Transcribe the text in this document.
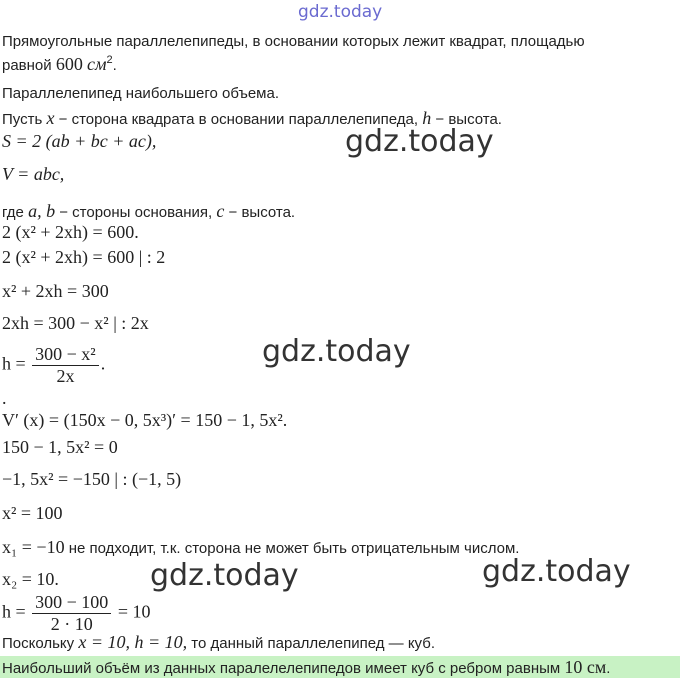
gdz.today
gdz.today
gdz.today
gdz.today	gdz.today
Прямоугольные параллелепипеды, в основании которых лежит квадрат, площадью
равной 600 $см^2$.
Параллелепипед наибольшего объема.
Пусть x − сторона квадрата в основании параллелепипеда, h − высота.
S = 2 (ab + bc + ac),
V = abc,
где a, b − стороны основания, c − высота.
2 (x² + 2xh) = 600.
2 (x² + 2xh) = 600 | : 2
x² + 2xh = 300
2xh = 300 − x² | : 2x
$h = \frac{\text{300 − x²}}{2x}$ .
.
V′ (x) = (150x − 0, 5x³)′ = 150 − 1, 5x².
150 − 1, 5x² = 0
−1, 5x² = −150 | : (−1, 5)
x² = 100
x₁ = −10 не подходит, т.к. сторона не может быть отрицательным числом.
x₂ = 10.
$h = \frac{300 - 100}{2 \cdot 10} = 10$
Поскольку x = 10, h = 10, то данный параллелепипед — куб.
Наибольший объём из данных паралелелепипедов имеет куб с ребром равным 10 см.
